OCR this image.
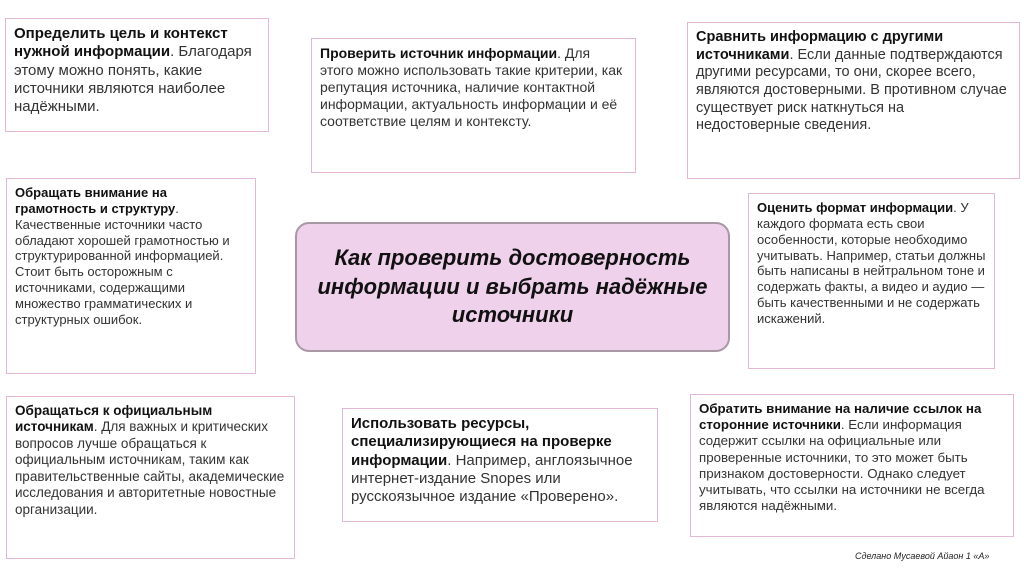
Определить цель и контекст нужной информации. Благодаря этому можно понять, какие источники являются наиболее надёжными.
Проверить источник информации. Для этого можно использовать такие критерии, как репутация источника, наличие контактной информации, актуальность информации и её соответствие целям и контексту.
Сравнить информацию с другими источниками. Если данные подтверждаются другими ресурсами, то они, скорее всего, являются достоверными. В противном случае существует риск наткнуться на недостоверные сведения.
Обращать внимание на грамотность и структуру. Качественные источники часто обладают хорошей грамотностью и структурированной информацией. Стоит быть осторожным с источниками, содержащими множество грамматических и структурных ошибок.
Оценить формат информации. У каждого формата есть свои особенности, которые необходимо учитывать. Например, статьи должны быть написаны в нейтральном тоне и содержать факты, а видео и аудио — быть качественными и не содержать искажений.
Обращаться к официальным источникам. Для важных и критических вопросов лучше обращаться к официальным источникам, таким как правительственные сайты, академические исследования и авторитетные новостные организации.
Использовать ресурсы, специализирующиеся на проверке информации. Например, англоязычное интернет-издание Snopes или русскоязычное издание «Проверено».
Обратить внимание на наличие ссылок на сторонние источники. Если информация содержит ссылки на официальные или проверенные источники, то это может быть признаком достоверности. Однако следует учитывать, что ссылки на источники не всегда являются надёжными.
Как проверить достоверность информации и выбрать надёжные источники
Сделано Мусаевой Айаон 1 «А»
